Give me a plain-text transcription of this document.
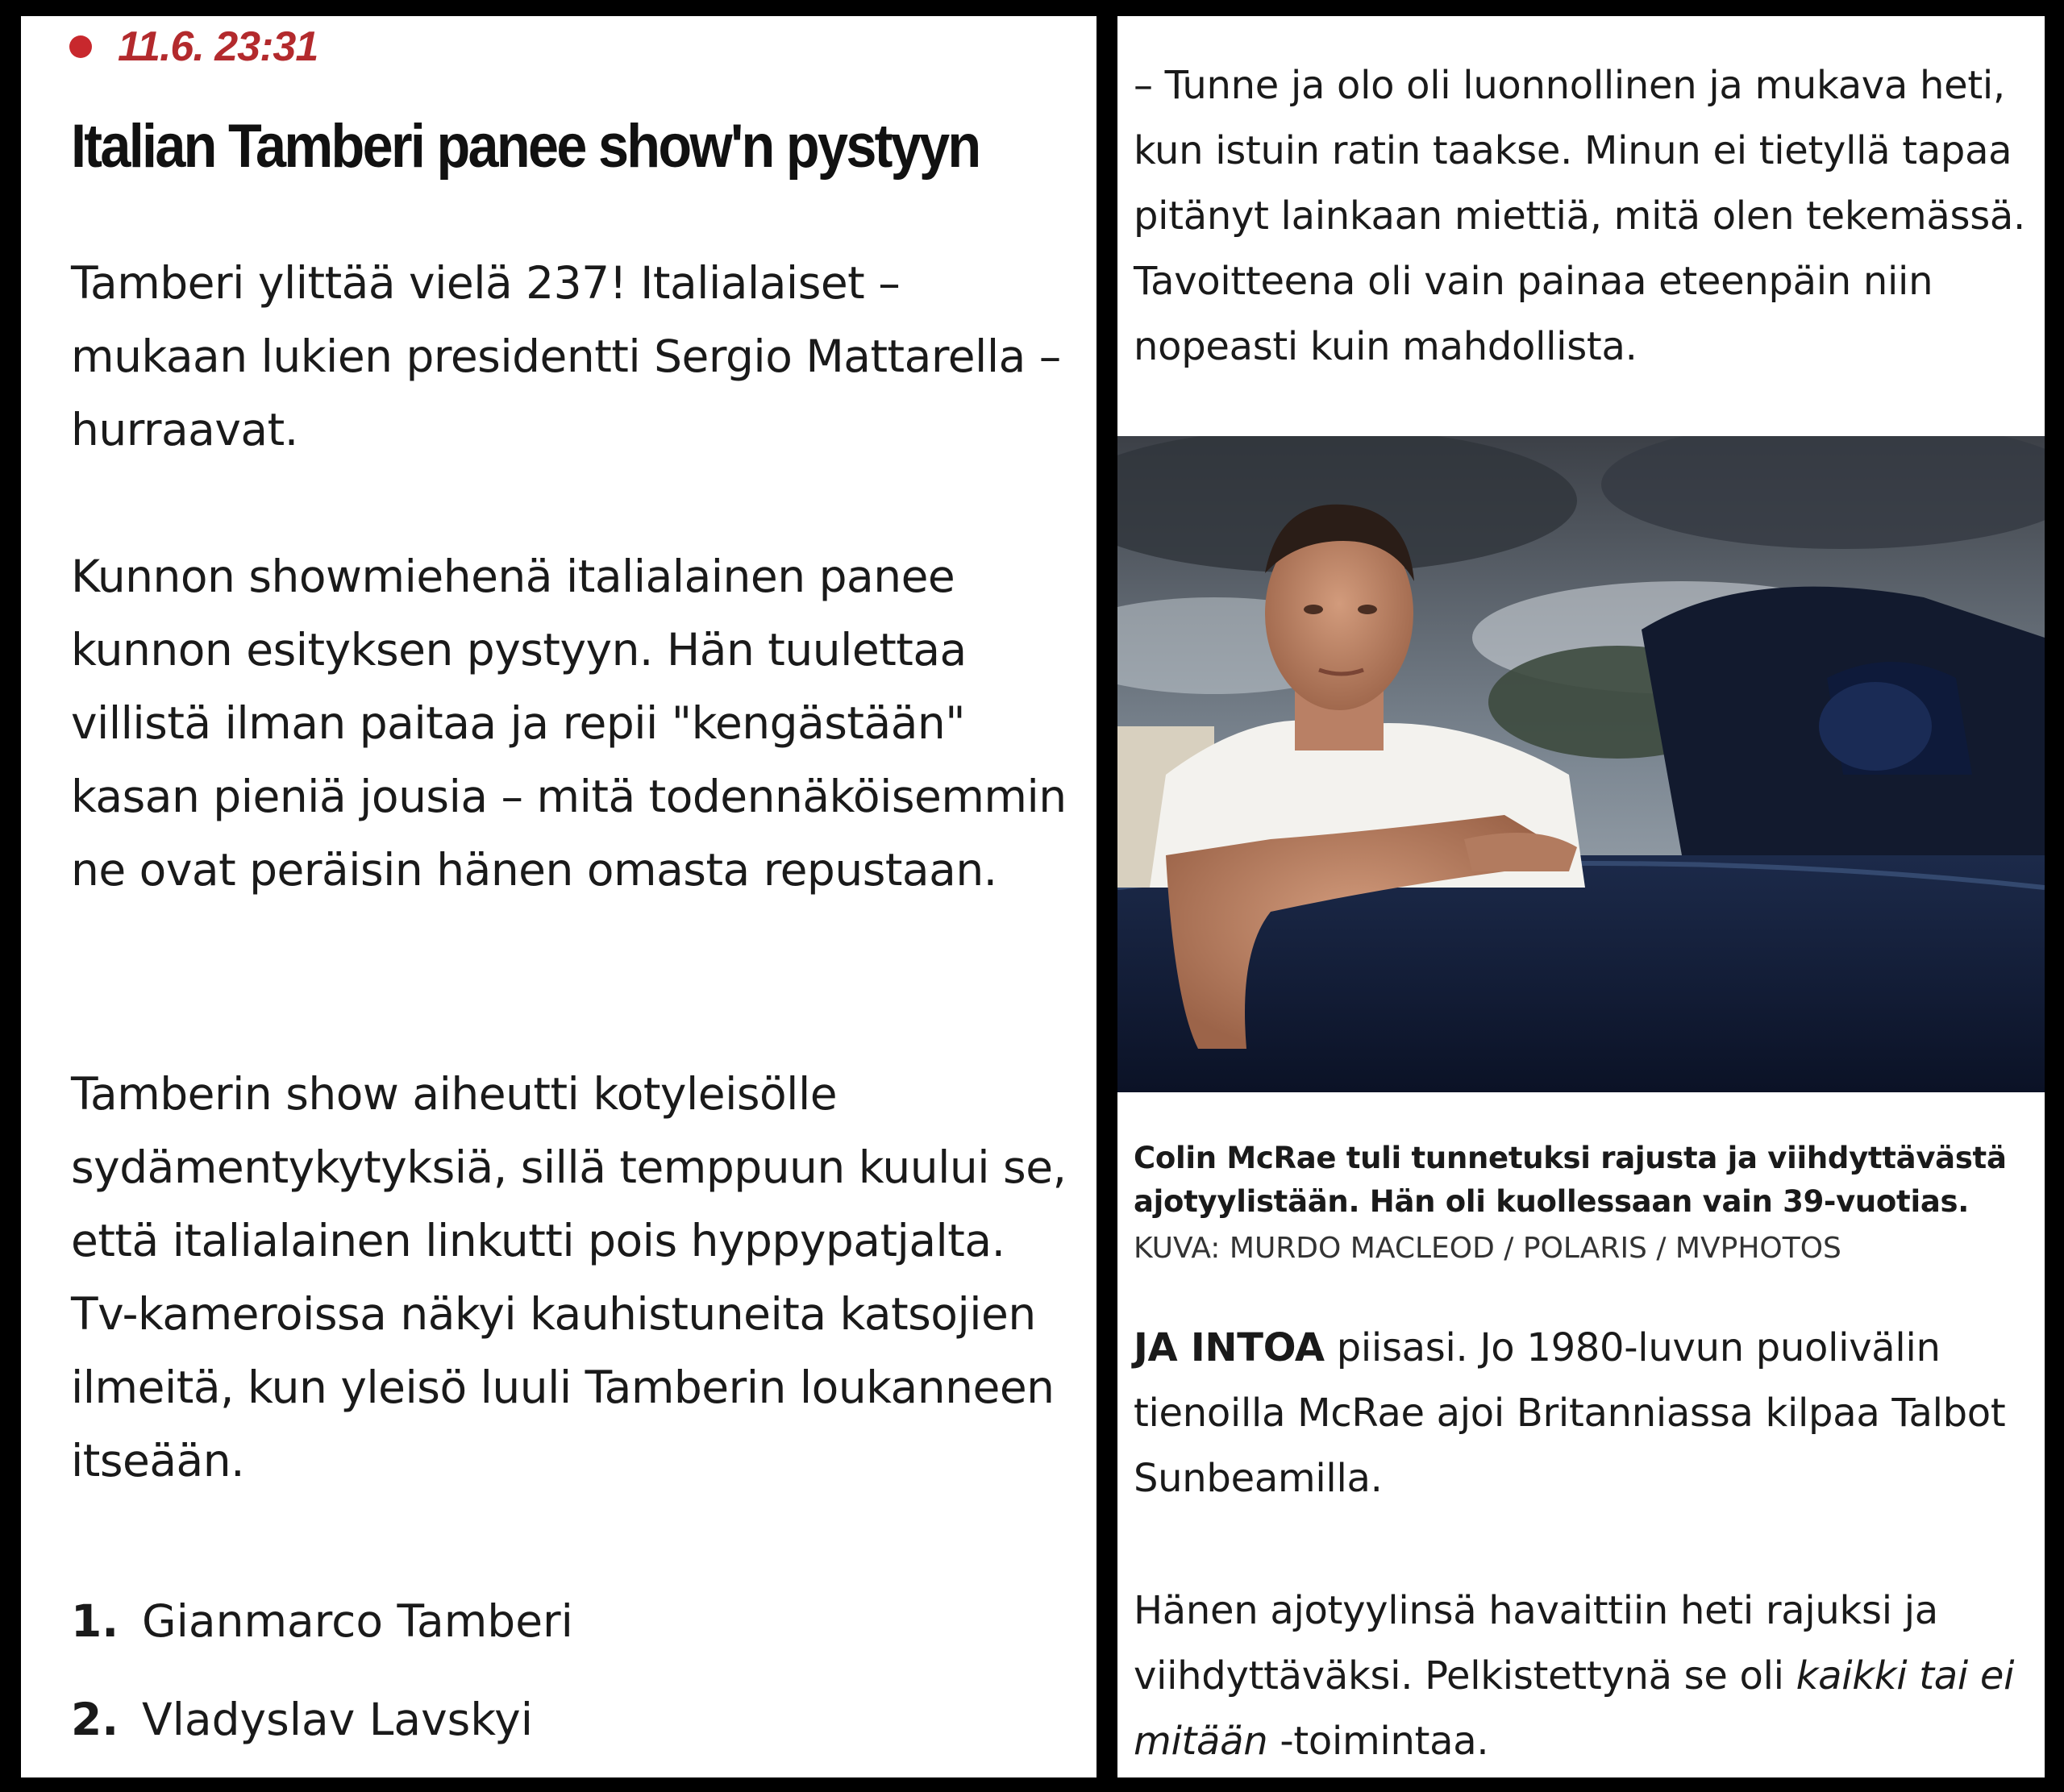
11.6. 23:31
Italian Tamberi panee show'n pystyyn

Tamberi ylittää vielä 237! Italialaiset – mukaan lukien presidentti Sergio Mattarella – hurraavat.

Kunnon showmiehenä italialainen panee kunnon esityksen pystyyn. Hän tuulettaa villistä ilman paitaa ja repii "kengästään" kasan pieniä jousia – mitä todennäköisemmin ne ovat peräisin hänen omasta repustaan.

Tamberin show aiheutti kotyleisölle sydämentykytyksiä, sillä temppuun kuului se, että italialainen linkutti pois hyppypatjalta. Tv-kameroissa näkyi kauhistuneita katsojien ilmeitä, kun yleisö luuli Tamberin loukanneen itseään.

1. Gianmarco Tamberi
2. Vladyslav Lavskyi

– Tunne ja olo oli luonnollinen ja mukava heti, kun istuin ratin taakse. Minun ei tietyllä tapaa pitänyt lainkaan miettiä, mitä olen tekemässä. Tavoitteena oli vain painaa eteenpäin niin nopeasti kuin mahdollista.

Colin McRae tuli tunnetuksi rajusta ja viihdyttävästä ajotyylistään. Hän oli kuollessaan vain 39-vuotias.

KUVA: MURDO MACLEOD / POLARIS / MVPHOTOS

JA INTOA piisasi. Jo 1980-luvun puolivälin tienoilla McRae ajoi Britanniassa kilpaa Talbot Sunbeamilla.

Hänen ajotyylinsä havaittiin heti rajuksi ja viihdyttäväksi. Pelkistettynä se oli kaikki tai ei mitään -toimintaa.
